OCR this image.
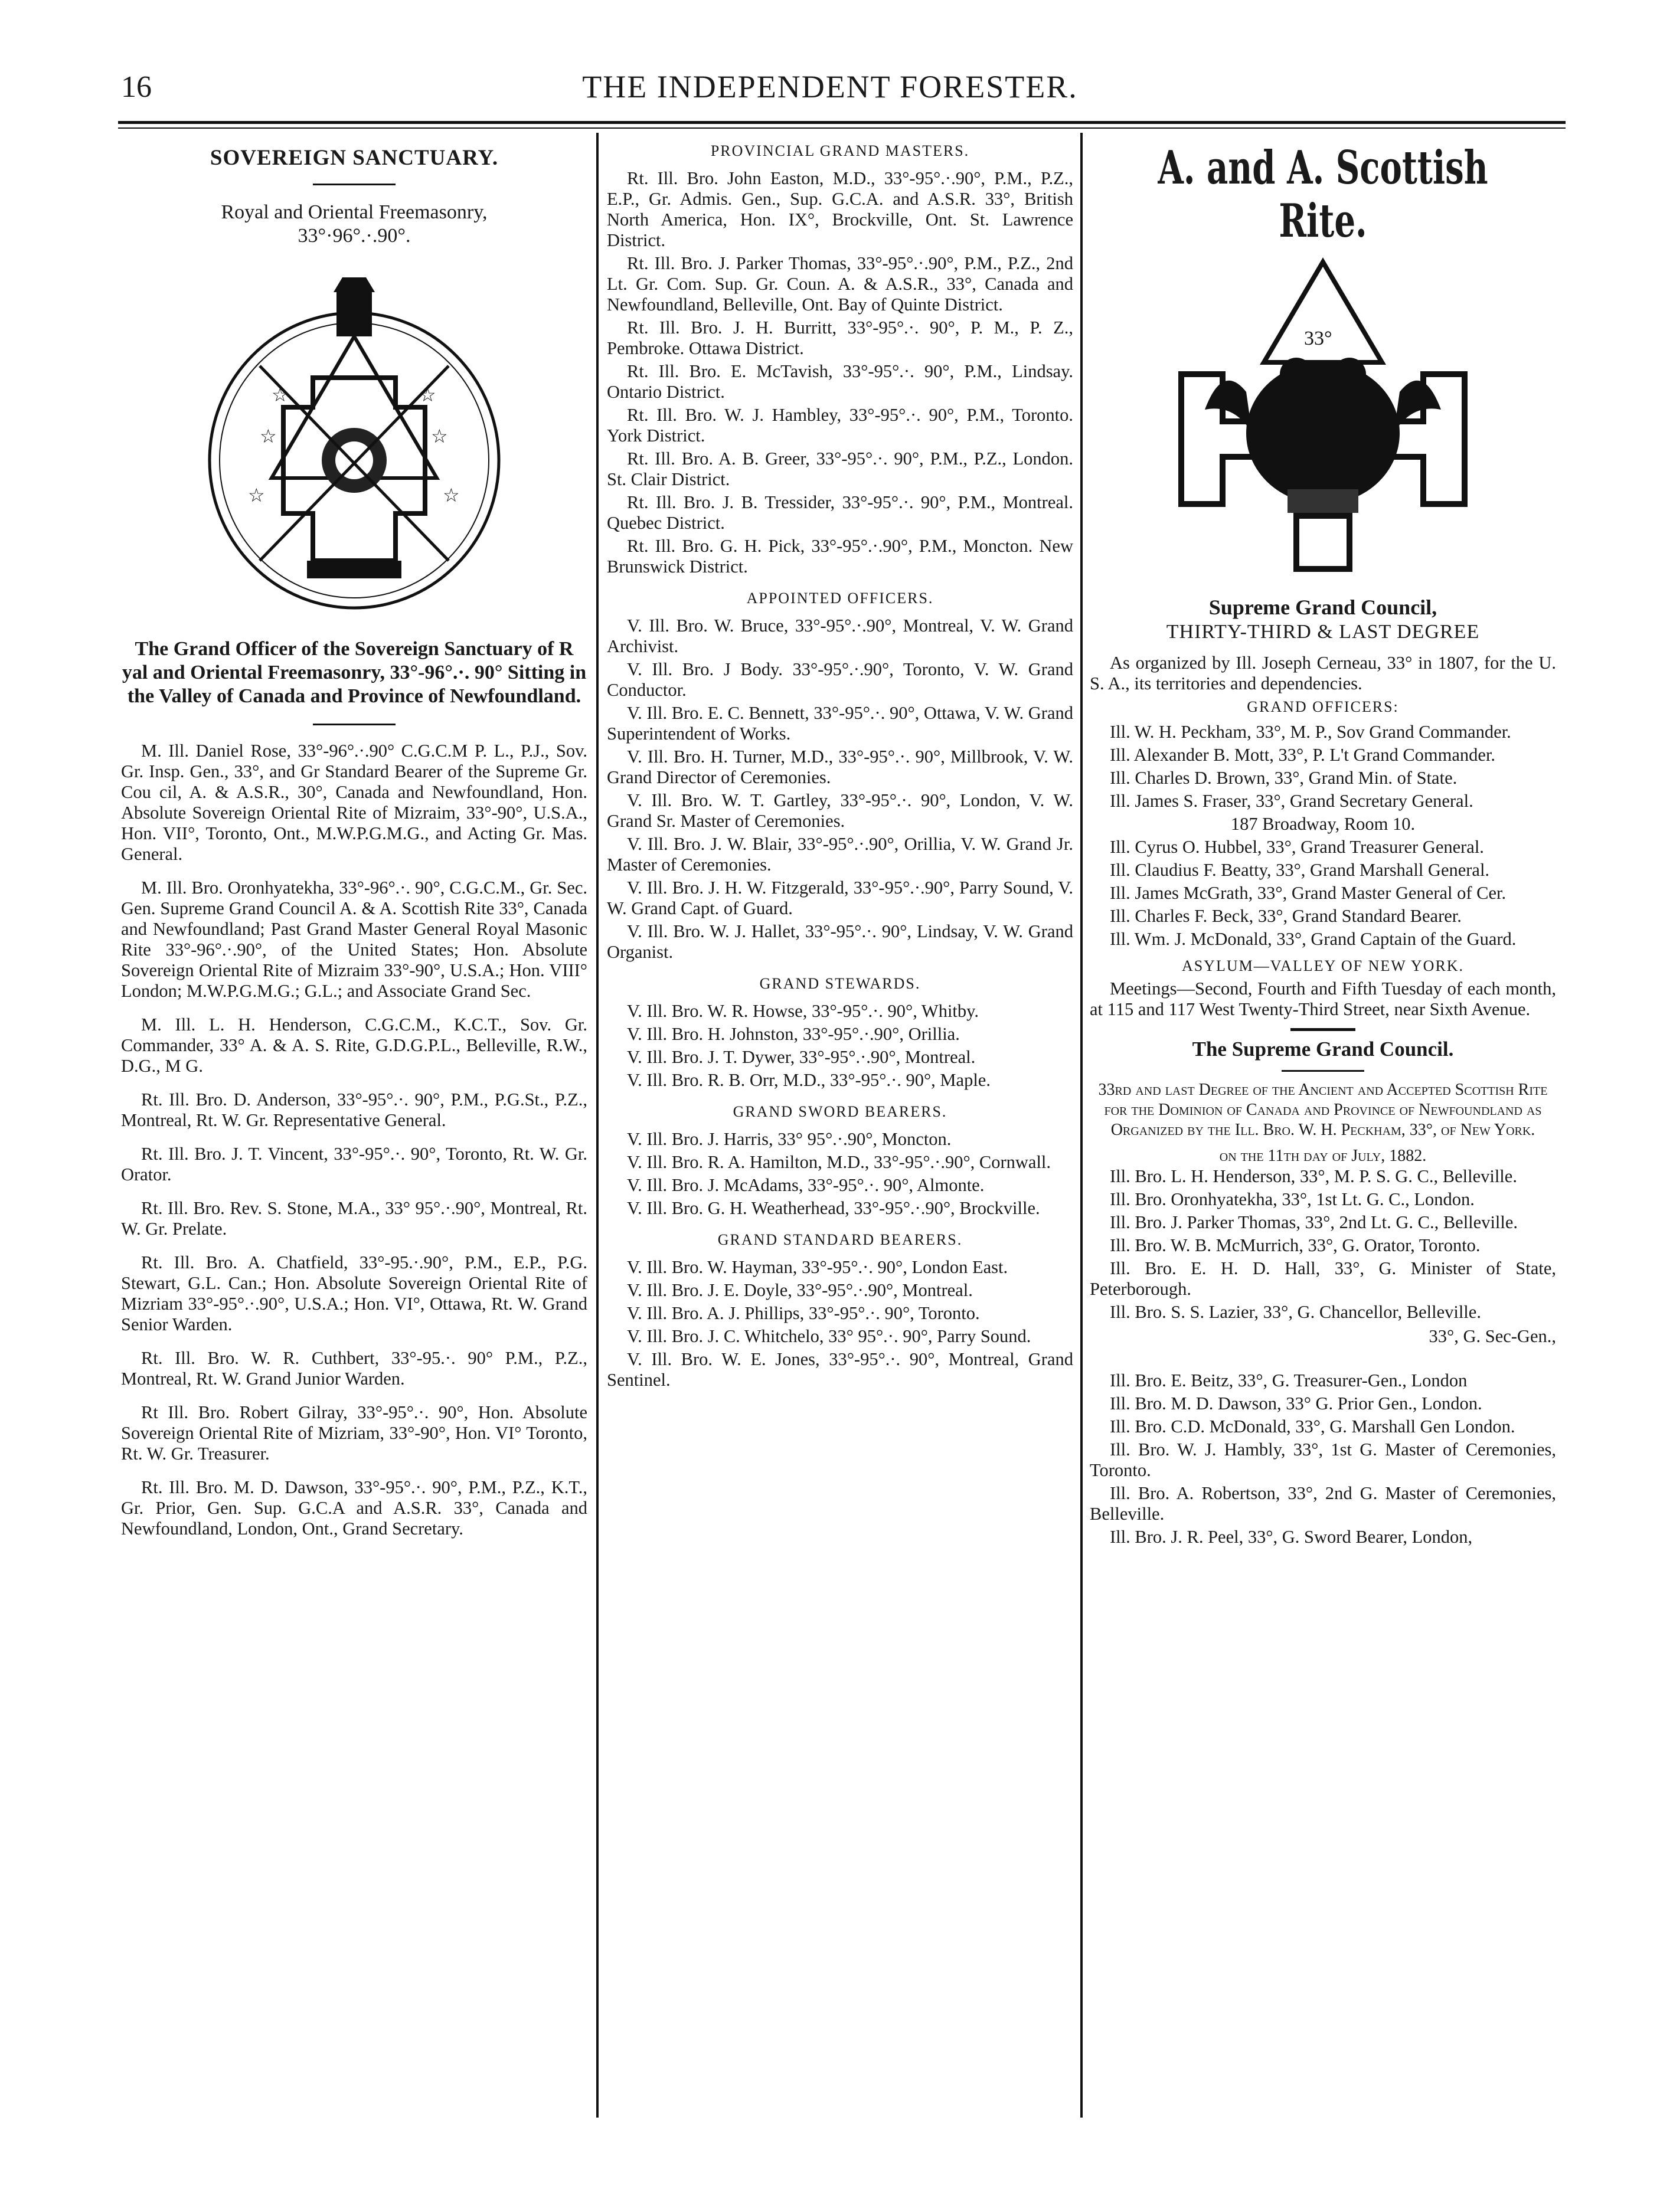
16	THE INDEPENDENT FORESTER.
SOVEREIGN SANCTUARY.

Royal and Oriental Freemasonry,

33°·96°.·.90°.

☆	☆
☆	☆
☆	☆

The Grand Officer of the Sovereign Sanctuary of R yal and Oriental Freemasonry, 33°-96°.·. 90° Sitting in the Valley of Canada and Province of Newfoundland.

M. Ill. Daniel Rose, 33°-96°.·.90° C.G.C.M P. L., P.J., Sov. Gr. Insp. Gen., 33°, and Gr Standard Bearer of the Supreme Gr. Cou cil, A. & A.S.R., 30°, Canada and Newfoundland, Hon. Absolute Sovereign Oriental Rite of Mizraim, 33°-90°, U.S.A., Hon. VII°, Toronto, Ont., M.W.P.G.M.G., and Acting Gr. Mas. General.

M. Ill. Bro. Oronhyatekha, 33°-96°.·. 90°, C.G.C.M., Gr. Sec. Gen. Supreme Grand Council A. & A. Scottish Rite 33°, Canada and Newfoundland; Past Grand Master General Royal Masonic Rite 33°-96°.·.90°, of the United States; Hon. Absolute Sovereign Oriental Rite of Mizraim 33°-90°, U.S.A.; Hon. VIII° London; M.W.P.G.M.G.; G.L.; and Associate Grand Sec.

M. Ill. L. H. Henderson, C.G.C.M., K.C.T., Sov. Gr. Commander, 33° A. & A. S. Rite, G.D.G.P.L., Belleville, R.W., D.G., M G.

Rt. Ill. Bro. D. Anderson, 33°-95°.·. 90°, P.M., P.G.St., P.Z., Montreal, Rt. W. Gr. Representative General.

Rt. Ill. Bro. J. T. Vincent, 33°-95°.·. 90°, Toronto, Rt. W. Gr. Orator.

Rt. Ill. Bro. Rev. S. Stone, M.A., 33° 95°.·.90°, Montreal, Rt. W. Gr. Prelate.

Rt. Ill. Bro. A. Chatfield, 33°-95.·.90°, P.M., E.P., P.G. Stewart, G.L. Can.; Hon. Absolute Sovereign Oriental Rite of Mizriam 33°-95°.·.90°, U.S.A.; Hon. VI°, Ottawa, Rt. W. Grand Senior Warden.

Rt. Ill. Bro. W. R. Cuthbert, 33°-95.·. 90° P.M., P.Z., Montreal, Rt. W. Grand Junior Warden.

Rt Ill. Bro. Robert Gilray, 33°-95°.·. 90°, Hon. Absolute Sovereign Oriental Rite of Mizriam, 33°-90°, Hon. VI° Toronto, Rt. W. Gr. Treasurer.

Rt. Ill. Bro. M. D. Dawson, 33°-95°.·. 90°, P.M., P.Z., K.T., Gr. Prior, Gen. Sup. G.C.A and A.S.R. 33°, Canada and Newfoundland, London, Ont., Grand Secretary.

PROVINCIAL GRAND MASTERS.

Rt. Ill. Bro. John Easton, M.D., 33°-95°.·.90°, P.M., P.Z., E.P., Gr. Admis. Gen., Sup. G.C.A. and A.S.R. 33°, British North America, Hon. IX°, Brockville, Ont. St. Lawrence District.

Rt. Ill. Bro. J. Parker Thomas, 33°-95°.·.90°, P.M., P.Z., 2nd Lt. Gr. Com. Sup. Gr. Coun. A. & A.S.R., 33°, Canada and Newfoundland, Belleville, Ont. Bay of Quinte District.

Rt. Ill. Bro. J. H. Burritt, 33°-95°.·. 90°, P. M., P. Z., Pembroke. Ottawa District.

Rt. Ill. Bro. E. McTavish, 33°-95°.·. 90°, P.M., Lindsay. Ontario District.

Rt. Ill. Bro. W. J. Hambley, 33°-95°.·. 90°, P.M., Toronto. York District.

Rt. Ill. Bro. A. B. Greer, 33°-95°.·. 90°, P.M., P.Z., London. St. Clair District.

Rt. Ill. Bro. J. B. Tressider, 33°-95°.·. 90°, P.M., Montreal. Quebec District.

Rt. Ill. Bro. G. H. Pick, 33°-95°.·.90°, P.M., Moncton. New Brunswick District.

APPOINTED OFFICERS.

V. Ill. Bro. W. Bruce, 33°-95°.·.90°, Montreal, V. W. Grand Archivist.

V. Ill. Bro. J Body. 33°-95°.·.90°, Toronto, V. W. Grand Conductor.

V. Ill. Bro. E. C. Bennett, 33°-95°.·. 90°, Ottawa, V. W. Grand Superintendent of Works.

V. Ill. Bro. H. Turner, M.D., 33°-95°.·. 90°, Millbrook, V. W. Grand Director of Ceremonies.

V. Ill. Bro. W. T. Gartley, 33°-95°.·. 90°, London, V. W. Grand Sr. Master of Ceremonies.

V. Ill. Bro. J. W. Blair, 33°-95°.·.90°, Orillia, V. W. Grand Jr. Master of Ceremonies.

V. Ill. Bro. J. H. W. Fitzgerald, 33°-95°.·.90°, Parry Sound, V. W. Grand Capt. of Guard.

V. Ill. Bro. W. J. Hallet, 33°-95°.·. 90°, Lindsay, V. W. Grand Organist.

GRAND STEWARDS.

V. Ill. Bro. W. R. Howse, 33°-95°.·. 90°, Whitby.

V. Ill. Bro. H. Johnston, 33°-95°.·.90°, Orillia.

V. Ill. Bro. J. T. Dywer, 33°-95°.·.90°, Montreal.

V. Ill. Bro. R. B. Orr, M.D., 33°-95°.·. 90°, Maple.

GRAND SWORD BEARERS.

V. Ill. Bro. J. Harris, 33° 95°.·.90°, Moncton.

V. Ill. Bro. R. A. Hamilton, M.D., 33°-95°.·.90°, Cornwall.

V. Ill. Bro. J. McAdams, 33°-95°.·. 90°, Almonte.

V. Ill. Bro. G. H. Weatherhead, 33°-95°.·.90°, Brockville.

GRAND STANDARD BEARERS.

V. Ill. Bro. W. Hayman, 33°-95°.·. 90°, London East.

V. Ill. Bro. J. E. Doyle, 33°-95°.·.90°, Montreal.

V. Ill. Bro. A. J. Phillips, 33°-95°.·. 90°, Toronto.

V. Ill. Bro. J. C. Whitchelo, 33° 95°.·. 90°, Parry Sound.

V. Ill. Bro. W. E. Jones, 33°-95°.·. 90°, Montreal, Grand Sentinel.

A. and A. Scottish Rite.
33°

Supreme Grand Council,

THIRTY-THIRD & LAST DEGREE

As organized by Ill. Joseph Cerneau, 33° in 1807, for the U. S. A., its territories and dependencies.

GRAND OFFICERS:

Ill. W. H. Peckham, 33°, M. P., Sov Grand Commander.

Ill. Alexander B. Mott, 33°, P. L't Grand Commander.

Ill. Charles D. Brown, 33°, Grand Min. of State.

Ill. James S. Fraser, 33°, Grand Secretary General.

187 Broadway, Room 10.

Ill. Cyrus O. Hubbel, 33°, Grand Treasurer General.

Ill. Claudius F. Beatty, 33°, Grand Marshall General.

Ill. James McGrath, 33°, Grand Master General of Cer.

Ill. Charles F. Beck, 33°, Grand Standard Bearer.

Ill. Wm. J. McDonald, 33°, Grand Captain of the Guard.

ASYLUM—VALLEY OF NEW YORK.

Meetings—Second, Fourth and Fifth Tuesday of each month, at 115 and 117 West Twenty-Third Street, near Sixth Avenue.

The Supreme Grand Council.

33rd and last Degree of the Ancient and Accepted Scottish Rite for the Dominion of Canada and Province of Newfoundland as Organized by the Ill. Bro. W. H. Peckham, 33°, of New York.

on the 11th day of July, 1882.

Ill. Bro. L. H. Henderson, 33°, M. P. S. G. C., Belleville.

Ill. Bro. Oronhyatekha, 33°, 1st Lt. G. C., London.

Ill. Bro. J. Parker Thomas, 33°, 2nd Lt. G. C., Belleville.

Ill. Bro. W. B. McMurrich, 33°, G. Orator, Toronto.

Ill. Bro. E. H. D. Hall, 33°, G. Minister of State, Peterborough.

Ill. Bro. S. S. Lazier, 33°, G. Chancellor, Belleville.

33°, G. Sec-Gen.,

Ill. Bro. E. Beitz, 33°, G. Treasurer-Gen., London

Ill. Bro. M. D. Dawson, 33° G. Prior Gen., London.

Ill. Bro. C.D. McDonald, 33°, G. Marshall Gen London.

Ill. Bro. W. J. Hambly, 33°, 1st G. Master of Ceremonies, Toronto.

Ill. Bro. A. Robertson, 33°, 2nd G. Master of Ceremonies, Belleville.

Ill. Bro. J. R. Peel, 33°, G. Sword Bearer, London,
